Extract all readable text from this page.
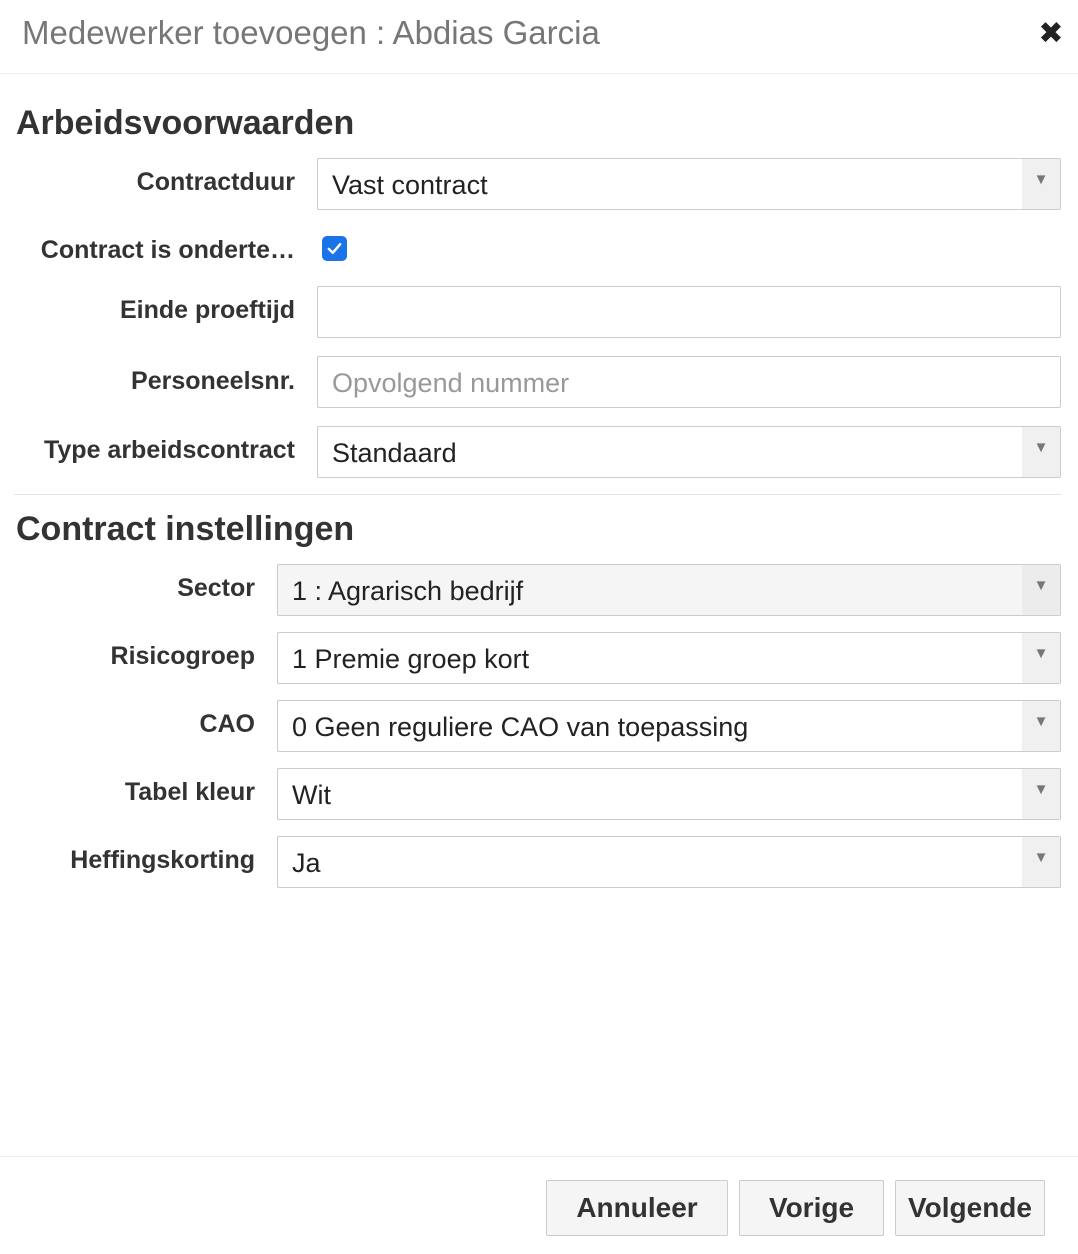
Medewerker toevoegen : Abdias Garcia	✖
Arbeidsvoorwaarden
Contractduur Vast contract	▼
Contract is onderte…
Einde proeftijd
Personeelsnr. Opvolgend nummer
Type arbeidscontract Standaard	▼
Contract instellingen
Sector 1 : Agrarisch bedrijf	▼
Risicogroep 1 Premie groep kort	▼
CAO 0 Geen reguliere CAO van toepassing	▼
Tabel kleur Wit	▼
Heffingskorting Ja	▼
Annuleer	Vorige	Volgende
